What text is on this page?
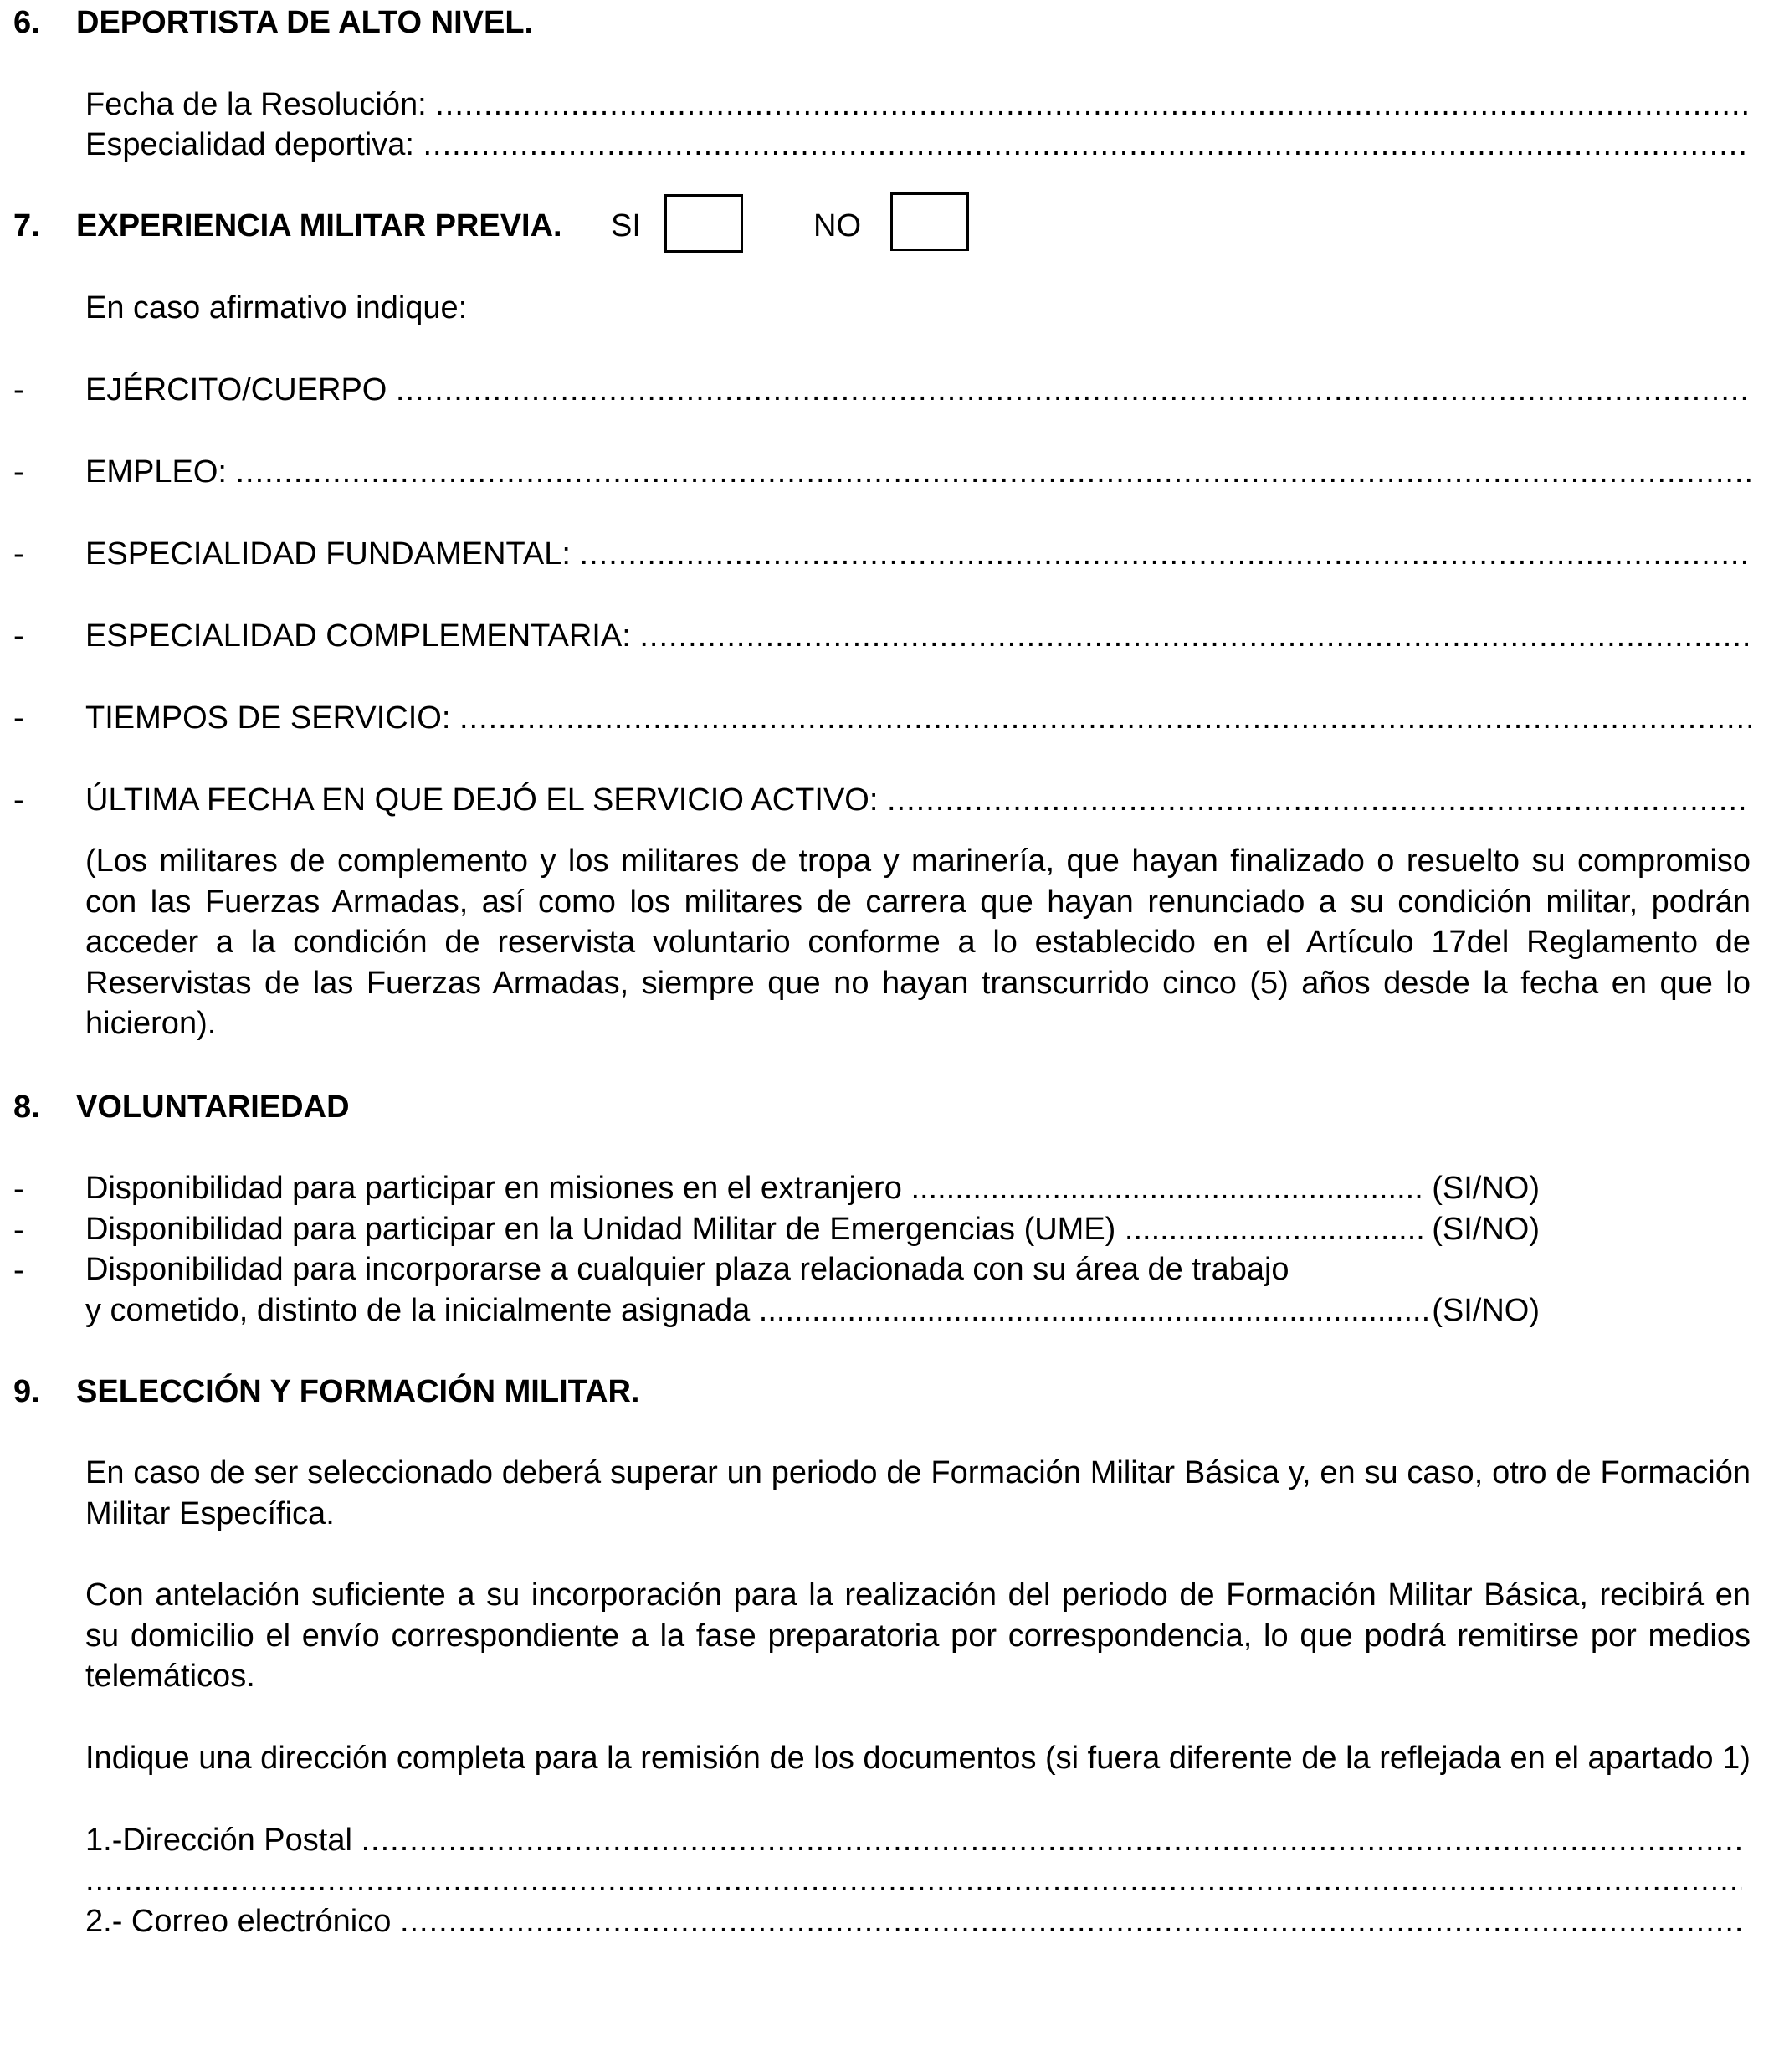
6. DEPORTISTA DE ALTO NIVEL.
Fecha de la Resolución:
.....
Especialidad deportiva:
.....
7. EXPERIENCIA MILITAR PREVIA. SI	NO
En caso afirmativo indique:
- EJÉRCITO/CUERPO
.....
- EMPLEO:
.....
- ESPECIALIDAD FUNDAMENTAL:
.....
- ESPECIALIDAD COMPLEMENTARIA:
.....
- TIEMPOS DE SERVICIO:
.....
- ÚLTIMA FECHA EN QUE DEJÓ EL SERVICIO ACTIVO:
.....
(Los militares de complemento y los militares de tropa y marinería, que hayan finalizado o resuelto su compromiso con las Fuerzas Armadas, así como los militares de carrera que hayan renunciado a su condición militar, podrán acceder a la condición de reservista voluntario conforme a lo establecido en el Artículo 17del Reglamento de Reservistas de las Fuerzas Armadas, siempre que no hayan transcurrido cinco (5) años desde la fecha en que lo hicieron).
8. VOLUNTARIEDAD
-
-
-
Disponibilidad para participar en misiones en el extranjero .....	(SI/NO)
Disponibilidad para participar en la Unidad Militar de Emergencias (UME) .....	(SI/NO)
Disponibilidad para incorporarse a cualquier plaza relacionada con su área de trabajo
y cometido, distinto de la inicialmente asignada .....	(SI/NO)
9. SELECCIÓN Y FORMACIÓN MILITAR.
En caso de ser seleccionado deberá superar un periodo de Formación Militar Básica y, en su caso, otro de Formación Militar Específica.
Con antelación suficiente a su incorporación para la realización del periodo de Formación Militar Básica, recibirá en su domicilio el envío correspondiente a la fase preparatoria por correspondencia, lo que podrá remitirse por medios telemáticos.
Indique una dirección completa para la remisión de los documentos (si fuera diferente de la reflejada en el apartado 1)
1.-Dirección Postal
.....
.....
2.- Correo electrónico
.....
